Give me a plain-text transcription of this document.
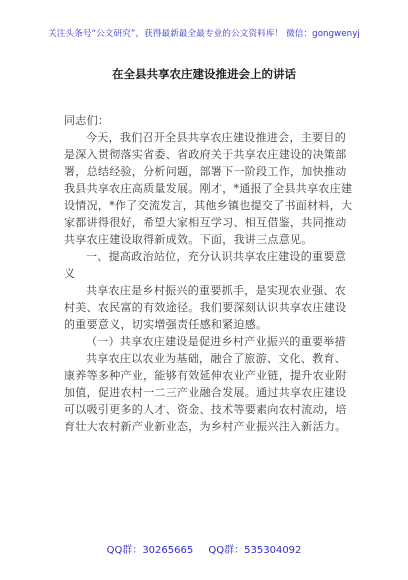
关注头条号“公文研究”，获得最新最全最专业的公文资料库！ 微信：gongwenyj
在全县共享农庄建设推进会上的讲话
同志们：
今天，我们召开全县共享农庄建设推进会，主要目的
是深入贯彻落实省委、省政府关于共享农庄建设的决策部
署，总结经验，分析问题，部署下一阶段工作，加快推动
我县共享农庄高质量发展。刚才，*通报了全县共享农庄建
设情况，*作了交流发言，其他乡镇也提交了书面材料，大
家都讲得很好，希望大家相互学习、相互借鉴，共同推动
共享农庄建设取得新成效。下面，我讲三点意见。
一、提高政治站位，充分认识共享农庄建设的重要意
义
共享农庄是乡村振兴的重要抓手，是实现农业强、农
村美、农民富的有效途径。我们要深刻认识共享农庄建设
的重要意义，切实增强责任感和紧迫感。
（一）共享农庄建设是促进乡村产业振兴的重要举措
共享农庄以农业为基础，融合了旅游、文化、教育、
康养等多种产业，能够有效延伸农业产业链，提升农业附
加值，促进农村一二三产业融合发展。通过共享农庄建设
可以吸引更多的人才、资金、技术等要素向农村流动，培
育壮大农村新产业新业态，为乡村产业振兴注入新活力。
QQ群：30265665 QQ群：535304092
